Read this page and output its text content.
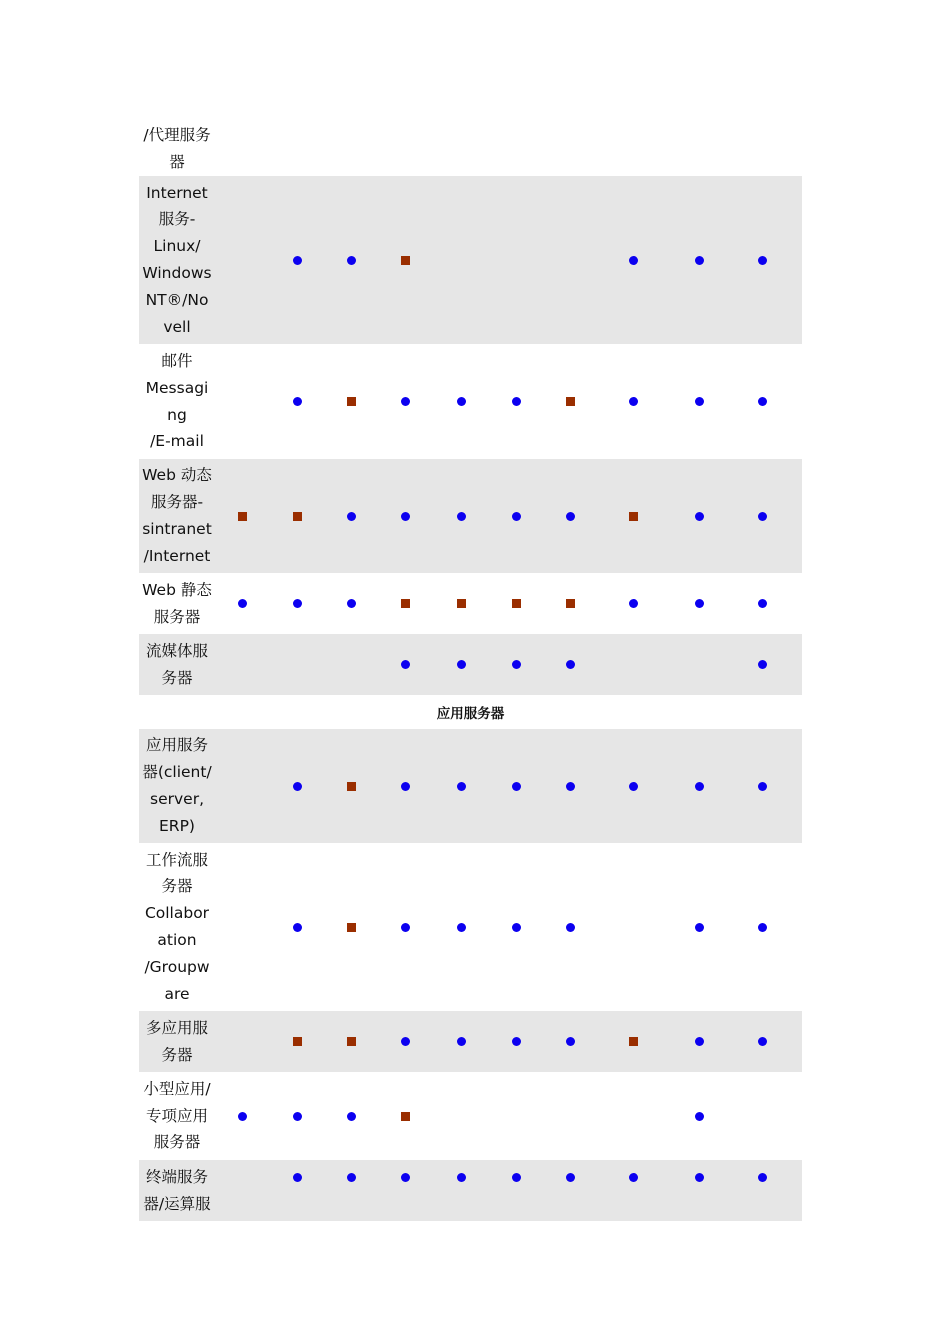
/代理服务
器
Internet
服务-
Linux/
Windows
NT®/No
vell
邮件
Messagi
ng
/E-mail
Web 动态
服务器-
sintranet
/Internet
Web 静态
服务器
流媒体服
务器
应用服务器
应用服务
器(client/
server,
ERP)
工作流服
务器
Collabor
ation
/Groupw
are
多应用服
务器
小型应用/
专项应用
服务器
终端服务
器/运算服
